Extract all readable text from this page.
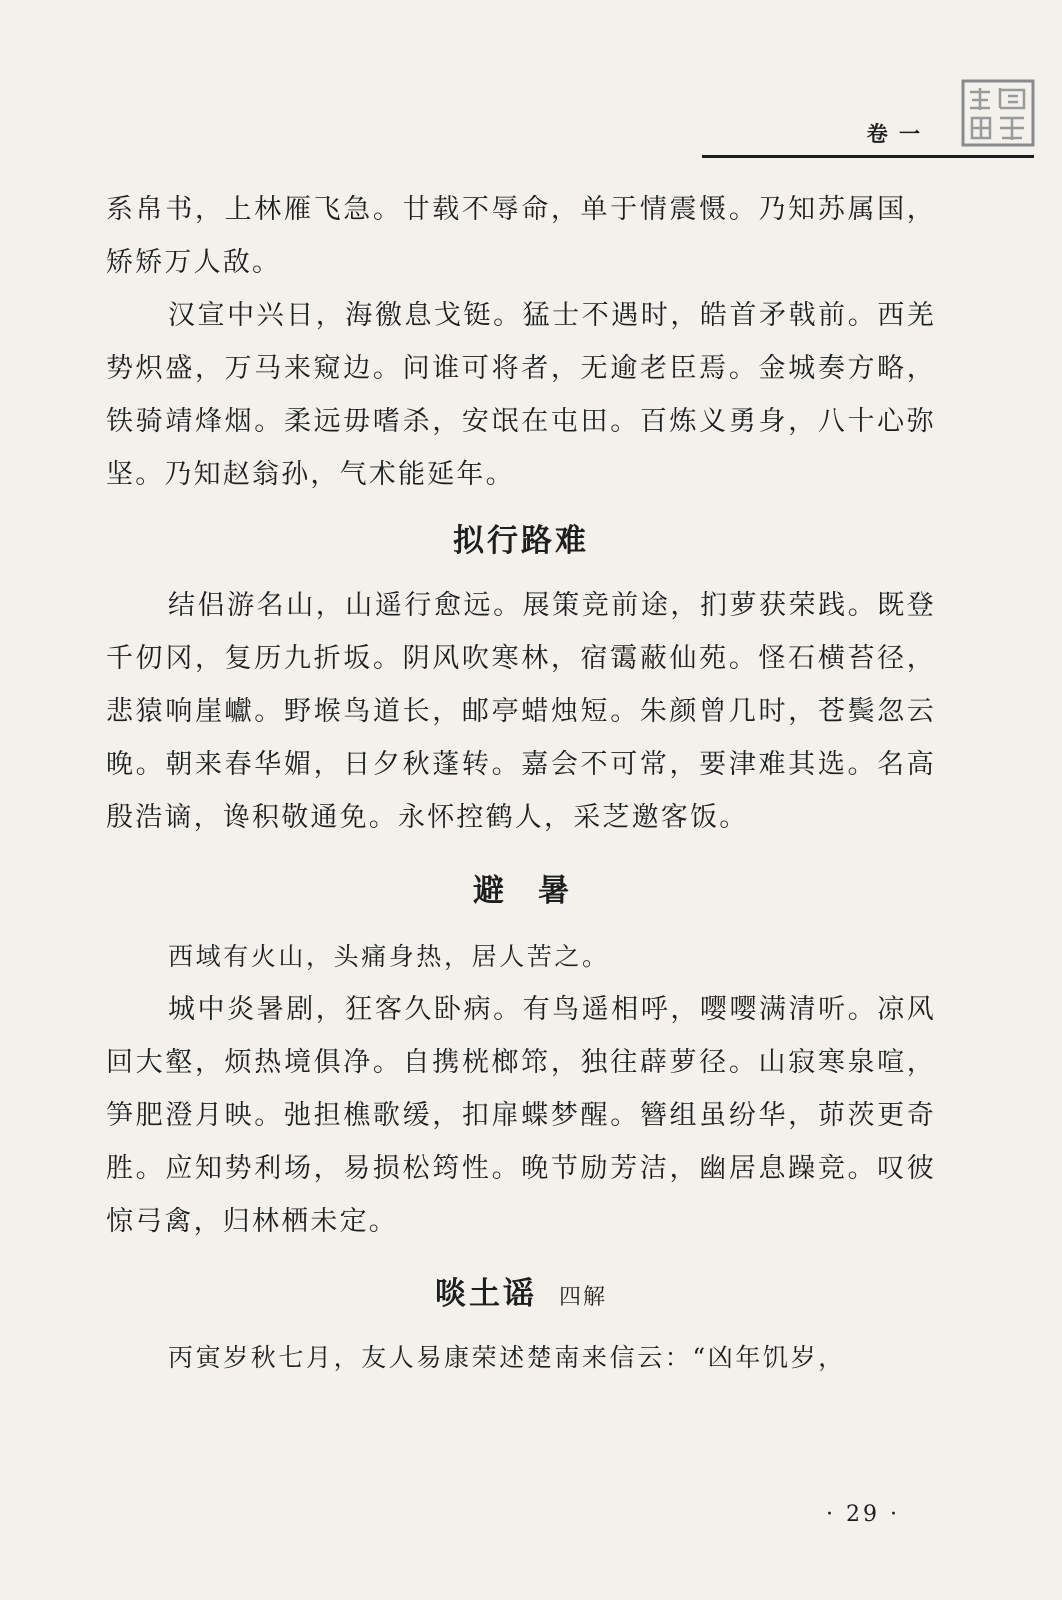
卷 一

系帛书，上林雁飞急。廿载不辱命，单于情震慑。乃知苏属国，矫矫万人敌。

汉宣中兴日，海徼息戈铤。猛士不遇时，皓首矛戟前。西羌势炽盛，万马来窥边。问谁可将者，无逾老臣焉。金城奏方略，铁骑靖烽烟。柔远毋嗜杀，安氓在屯田。百炼义勇身，八十心弥坚。乃知赵翁孙，气术能延年。

拟行路难

结侣游名山，山遥行愈远。展策竞前途，扪萝获荣践。既登千仞冈，复历九折坂。阴风吹寒林，宿霭蔽仙苑。怪石横苔径，悲猿响崖巘。野堠鸟道长，邮亭蜡烛短。朱颜曾几时，苍鬓忽云晚。朝来春华媚，日夕秋蓬转。嘉会不可常，要津难其选。名高殷浩谪，谗积敬通免。永怀控鹤人，采芝邀客饭。

避暑

西域有火山，头痛身热，居人苦之。

城中炎暑剧，狂客久卧病。有鸟遥相呼，嘤嘤满清听。凉风回大壑，烦热境俱净。自携桄榔筇，独往薜萝径。山寂寒泉喧，笋肥澄月映。弛担樵歌缓，扣扉蝶梦醒。簪组虽纷华，茆茨更奇胜。应知势利场，易损松筠性。晚节励芳洁，幽居息躁竞。叹彼惊弓禽，归林栖未定。

啖土谣 四解

丙寅岁秋七月，友人易康荣述楚南来信云：“凶年饥岁，

· 29 ·
